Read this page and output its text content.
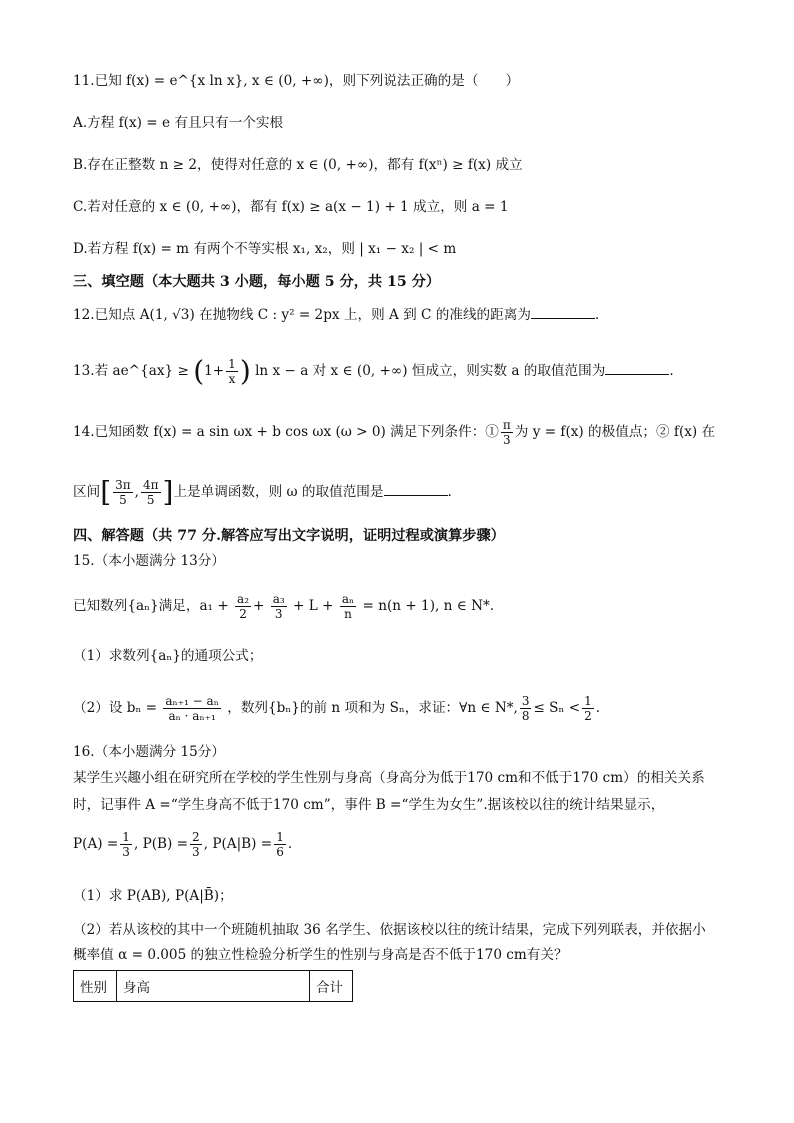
11.已知 f(x) = e^{x ln x}, x ∈ (0, +∞)，则下列说法正确的是（　　）
A.方程 f(x) = e 有且只有一个实根
B.存在正整数 n ≥ 2，使得对任意的 x ∈ (0, +∞)，都有 f(xⁿ) ≥ f(x) 成立
C.若对任意的 x ∈ (0, +∞)，都有 f(x) ≥ a(x − 1) + 1 成立，则 a = 1
D.若方程 f(x) = m 有两个不等实根 x₁, x₂，则 | x₁ − x₂ | < m
三、填空题（本大题共 3 小题，每小题 5 分，共 15 分）
12.已知点 A(1, √3) 在抛物线 C : y² = 2px 上，则 A 到 C 的准线的距离为	.
13.若 ae^{ax} ≥ ($1+ \frac{1}{x}$ ) ln x − a 对 x ∈ (0, +∞) 恒成立，则实数 a 的取值范围为	.
14.已知函数 f(x) = a sin ωx + b cos ωx (ω > 0) 满足下列条件：① $\frac{\pi}{3}$ 为 y = f(x) 的极值点；② f(x) 在
区间[ $\frac{3\pi}{5}$ , $\frac{4\pi}{5}$ ]上是单调函数，则 ω 的取值范围是	.
四、解答题（共 77 分.解答应写出文字说明，证明过程或演算步骤）
15.（本小题满分 13分）
已知数列{aₙ}满足，$a_1 + \frac{\text{a₂}}{2} + \frac{\text{a₃}}{3} + L + \frac{\text{aₙ}}{n} = n(n + 1)$, n ∈ N*.
（1）求数列{aₙ}的通项公式；
（2）设 $b_n = \frac{\text{aₙ₊₁ − aₙ}}{\text{aₙ · aₙ₊₁}}$ ，数列{bₙ}的前 n 项和为 Sₙ，求证：∀n ∈ N*, $\frac{3}{8} \le S_n < \frac{1}{2}$ .
16.（本小题满分 15分）
某学生兴趣小组在研究所在学校的学生性别与身高（身高分为低于170 cm和不低于170 cm）的相关关系
时，记事件 A =“学生身高不低于170 cm”，事件 B =“学生为女生”.据该校以往的统计结果显示，
$P(A) = \frac{1}{3}$ , $P(B) = \frac{2}{3}$ , $P(A|B) = \frac{1}{6}$ .
（1）求 P(AB), P(A|B̄)；
（2）若从该校的其中一个班随机抽取 36 名学生、依据该校以往的统计结果，完成下列列联表，并依据小
概率值 α = 0.005 的独立性检验分析学生的性别与身高是否不低于170 cm有关？
性别	身高	合计
